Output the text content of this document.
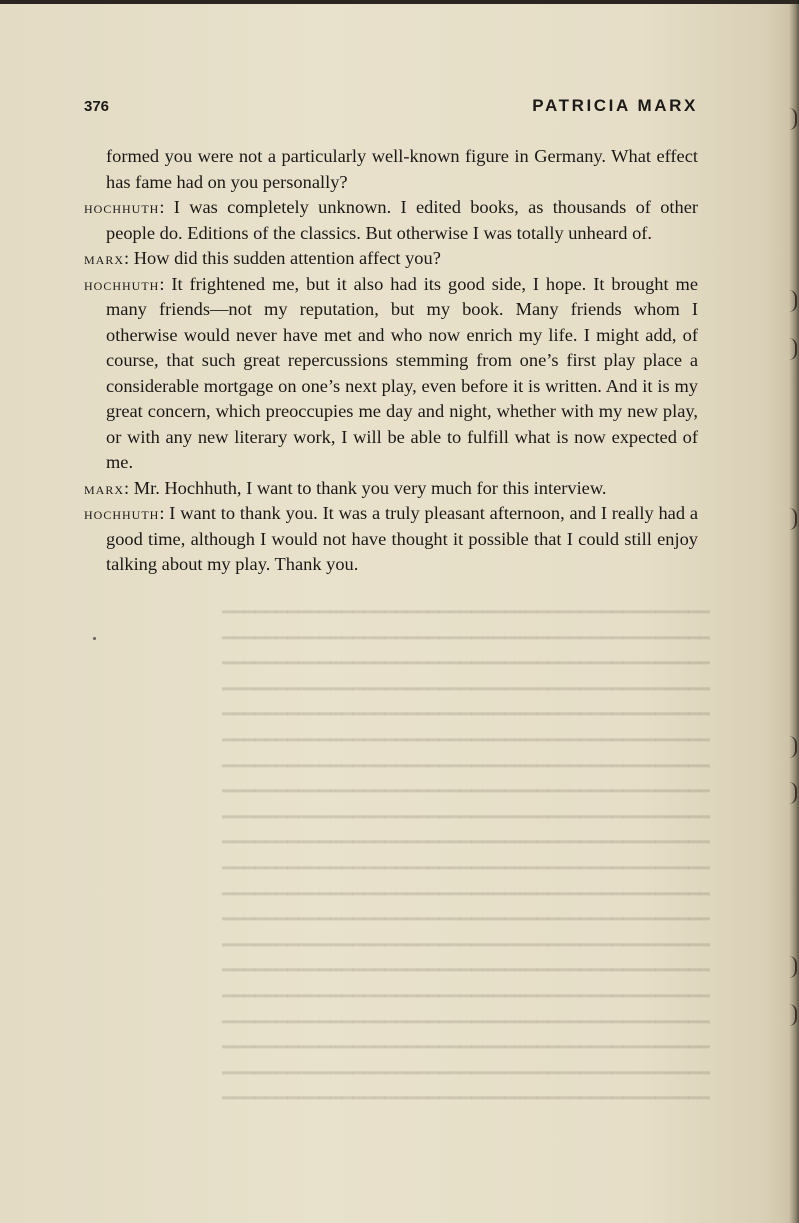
━━━━━━━━━━━━━━━━━━━━━━━━━━━━━━━━━━━━━━━━━━━━━
━━━━━━━━━━━━━━━━━━━━━━━━━━━━━━━━━━━━━━━━━━━━━
━━━━━━━━━━━━━━━━━━━━━━━━━━━━━━━━━━━━━━━━━━━━━
━━━━━━━━━━━━━━━━━━━━━━━━━━━━━━━━━━━━━━━━━━━━━
━━━━━━━━━━━━━━━━━━━━━━━━━━━━━━━━━━━━━━━━━━━━━
━━━━━━━━━━━━━━━━━━━━━━━━━━━━━━━━━━━━━━━━━━━━━
━━━━━━━━━━━━━━━━━━━━━━━━━━━━━━━━━━━━━━━━━━━━━
━━━━━━━━━━━━━━━━━━━━━━━━━━━━━━━━━━━━━━━━━━━━━
━━━━━━━━━━━━━━━━━━━━━━━━━━━━━━━━━━━━━━━━━━━━━
━━━━━━━━━━━━━━━━━━━━━━━━━━━━━━━━━━━━━━━━━━━━━
━━━━━━━━━━━━━━━━━━━━━━━━━━━━━━━━━━━━━━━━━━━━━
━━━━━━━━━━━━━━━━━━━━━━━━━━━━━━━━━━━━━━━━━━━━━
━━━━━━━━━━━━━━━━━━━━━━━━━━━━━━━━━━━━━━━━━━━━━
━━━━━━━━━━━━━━━━━━━━━━━━━━━━━━━━━━━━━━━━━━━━━
━━━━━━━━━━━━━━━━━━━━━━━━━━━━━━━━━━━━━━━━━━━━━
━━━━━━━━━━━━━━━━━━━━━━━━━━━━━━━━━━━━━━━━━━━━━
━━━━━━━━━━━━━━━━━━━━━━━━━━━━━━━━━━━━━━━━━━━━━
━━━━━━━━━━━━━━━━━━━━━━━━━━━━━━━━━━━━━━━━━━━━━
━━━━━━━━━━━━━━━━━━━━━━━━━━━━━━━━━━━━━━━━━━━━━
━━━━━━━━━━━━━━━━━━━━━━━━━━━━━━━━━━━━━━━━━━━━━
376	PATRICIA MARX

formed you were not a particularly well-known figure in Germany. What effect has fame had on you personally?

hochhuth: I was completely unknown. I edited books, as thousands of other people do. Editions of the classics. But otherwise I was totally unheard of.

marx: How did this sudden attention affect you?

hochhuth: It frightened me, but it also had its good side, I hope. It brought me many friends—not my reputation, but my book. Many friends whom I otherwise would never have met and who now enrich my life. I might add, of course, that such great repercussions stemming from one’s first play place a considerable mortgage on one’s next play, even before it is written. And it is my great concern, which preoccupies me day and night, whether with my new play, or with any new literary work, I will be able to fulfill what is now expected of me.

marx: Mr. Hochhuth, I want to thank you very much for this interview.

hochhuth: I want to thank you. It was a truly pleasant afternoon, and I really had a good time, although I would not have thought it possible that I could still enjoy talking about my play. Thank you.
